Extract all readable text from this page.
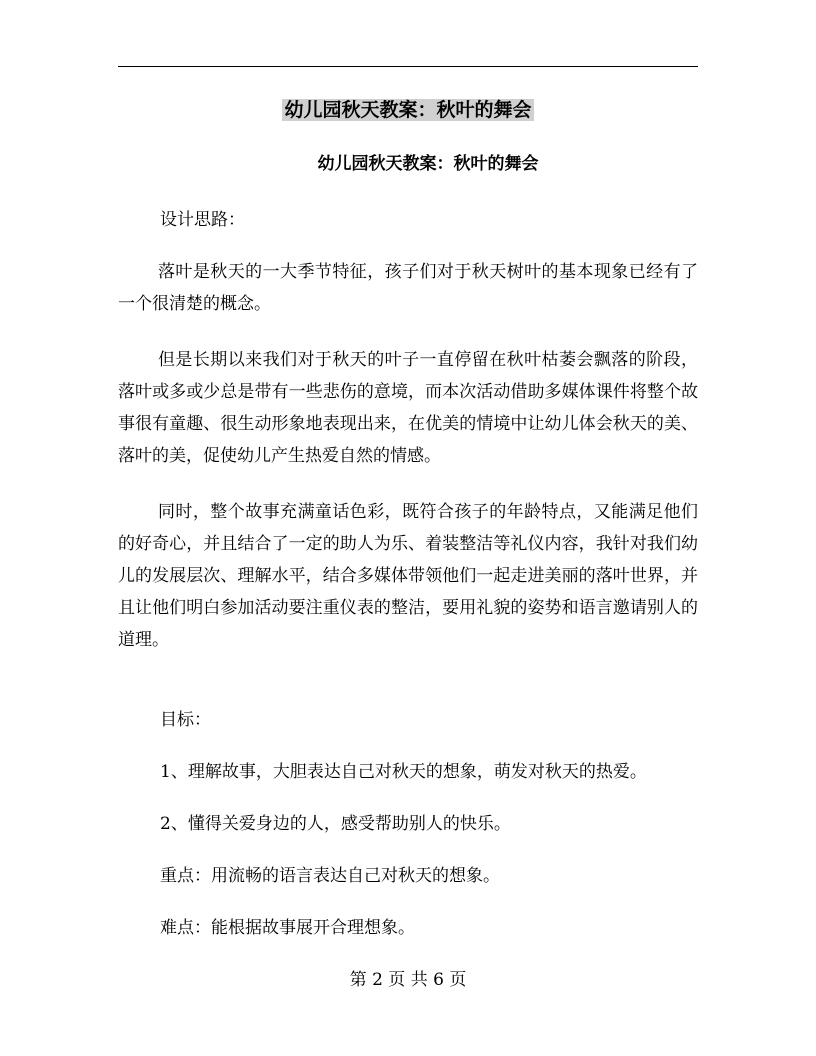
幼儿园秋天教案：秋叶的舞会
幼儿园秋天教案：秋叶的舞会

设计思路：

落叶是秋天的一大季节特征，孩子们对于秋天树叶的基本现象已经有了一个很清楚的概念。

但是长期以来我们对于秋天的叶子一直停留在秋叶枯萎会飘落的阶段，落叶或多或少总是带有一些悲伤的意境，而本次活动借助多媒体课件将整个故事很有童趣、很生动形象地表现出来，在优美的情境中让幼儿体会秋天的美、落叶的美，促使幼儿产生热爱自然的情感。

同时，整个故事充满童话色彩，既符合孩子的年龄特点，又能满足他们的好奇心，并且结合了一定的助人为乐、着装整洁等礼仪内容，我针对我们幼儿的发展层次、理解水平，结合多媒体带领他们一起走进美丽的落叶世界，并且让他们明白参加活动要注重仪表的整洁，要用礼貌的姿势和语言邀请别人的道理。

目标：

1、理解故事，大胆表达自己对秋天的想象，萌发对秋天的热爱。

2、懂得关爱身边的人，感受帮助别人的快乐。

重点：用流畅的语言表达自己对秋天的想象。

难点：能根据故事展开合理想象。

第 2 页 共 6 页
